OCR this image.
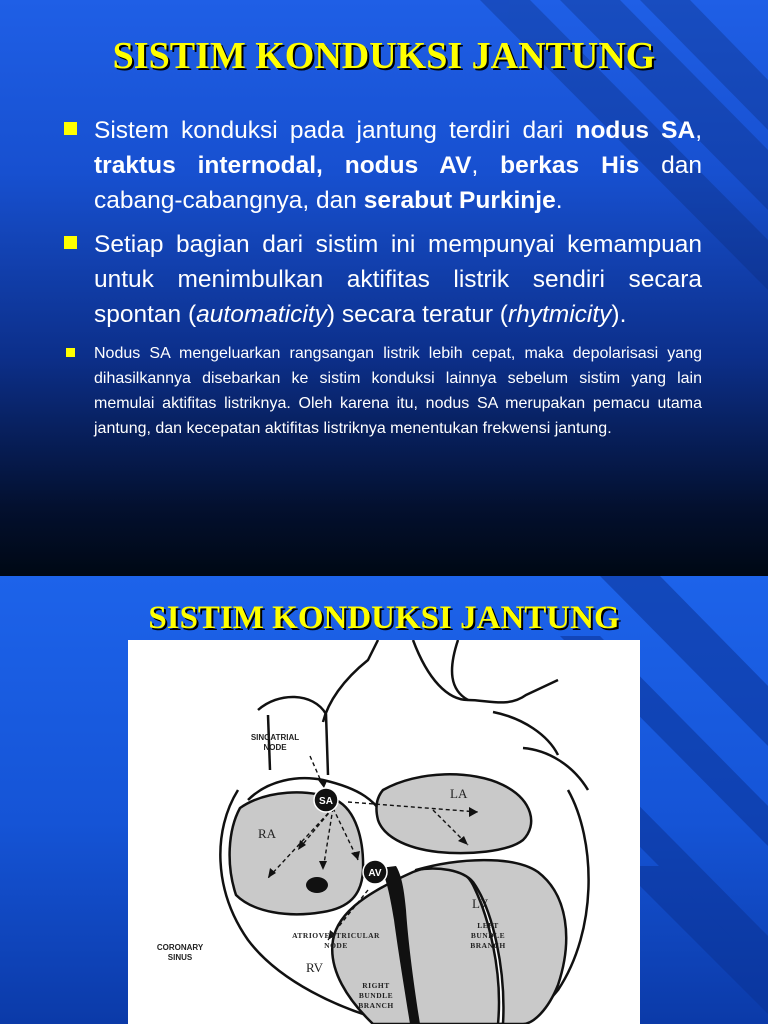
SISTIM KONDUKSI JANTUNG
Sistem konduksi pada jantung terdiri dari nodus SA, traktus internodal, nodus AV, berkas His dan cabang-cabangnya, dan serabut Purkinje.
Setiap bagian dari sistim ini mempunyai kemampuan untuk menimbulkan aktifitas listrik sendiri secara spontan (automaticity) secara teratur (rhytmicity).
Nodus SA mengeluarkan rangsangan listrik lebih cepat, maka depolarisasi yang dihasilkannya disebarkan ke sistim konduksi lainnya sebelum sistim yang lain memulai aktifitas listriknya. Oleh karena itu, nodus SA merupakan pemacu utama jantung, dan kecepatan aktifitas listriknya menentukan frekwensi jantung.
SISTIM KONDUKSI JANTUNG
SA
AV
SINOATRIAL
NODE
LA
RA
LV
RV
LEFT
BUNDLE
BRANCH
ATRIOVENTRICULAR
NODE
CORONARY
SINUS
RIGHT
BUNDLE
BRANCH
